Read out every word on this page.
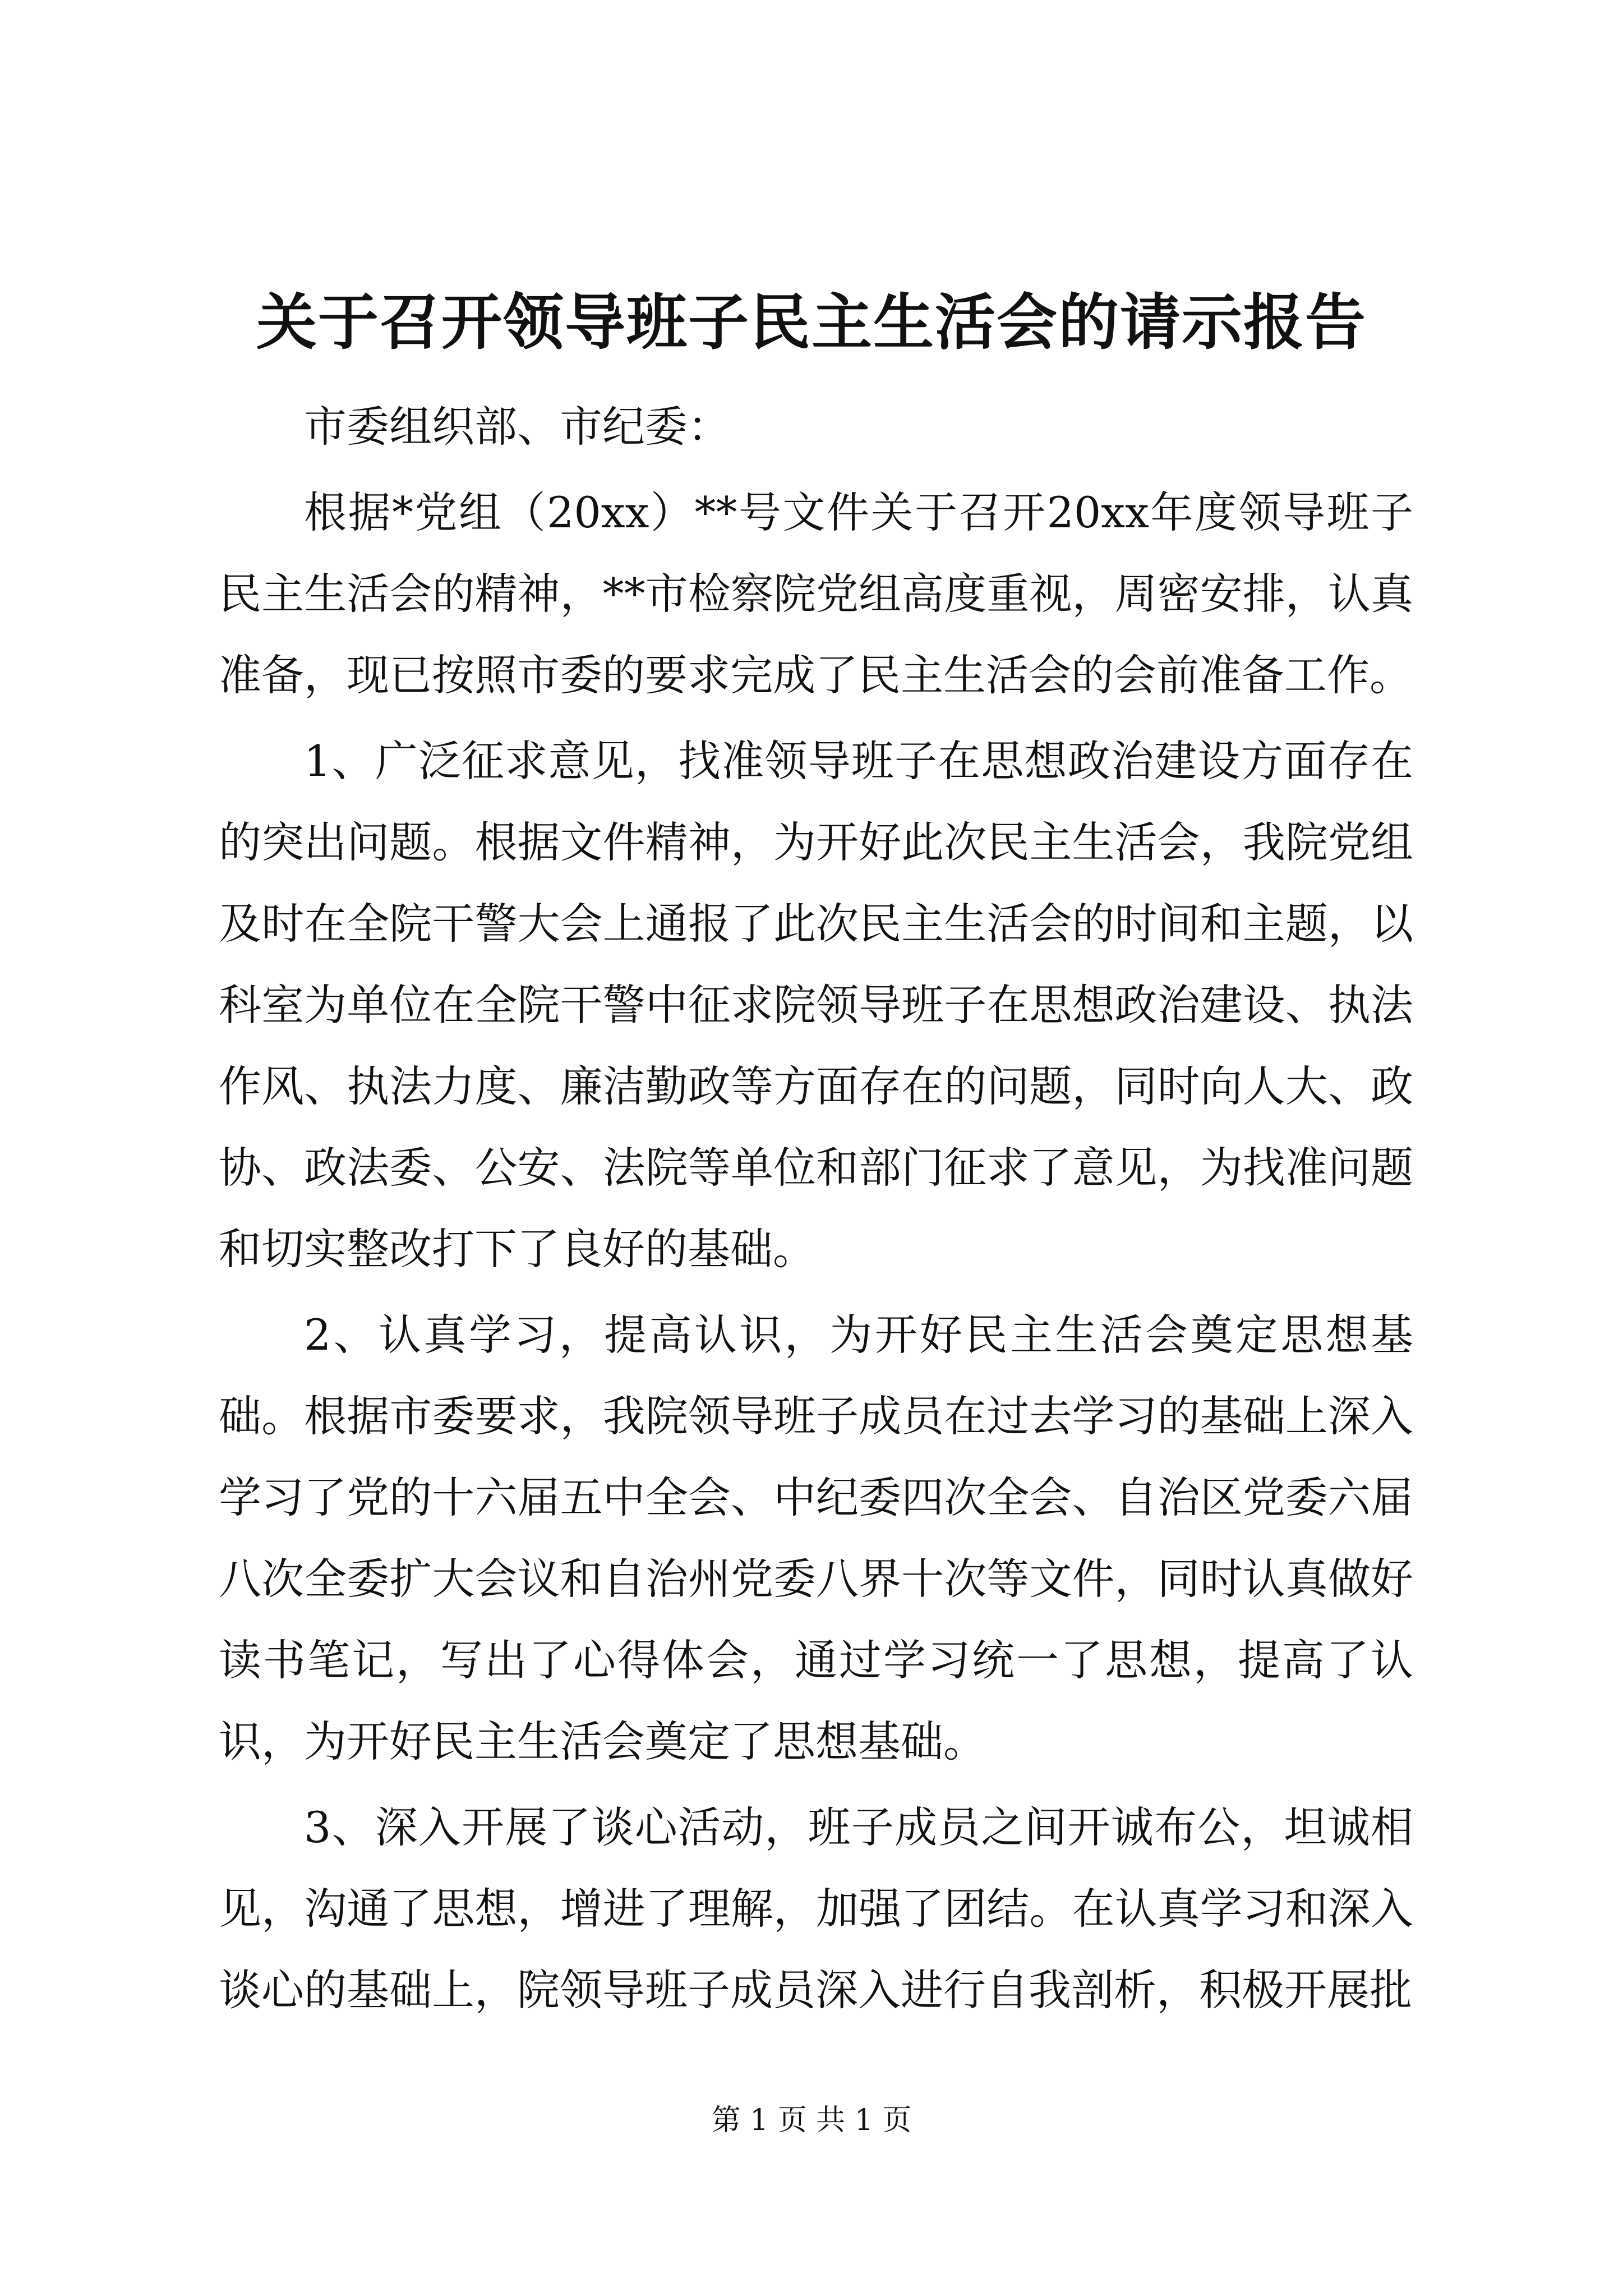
关于召开领导班子民主生活会的请示报告

市委组织部、市纪委：

根据*党组（20xx）**号文件关于召开20xx年度领导班子民主生活会的精神，**市检察院党组高度重视，周密安排，认真准备，现已按照市委的要求完成了民主生活会的会前准备工作。

1、广泛征求意见，找准领导班子在思想政治建设方面存在的突出问题。根据文件精神，为开好此次民主生活会，我院党组及时在全院干警大会上通报了此次民主生活会的时间和主题，以科室为单位在全院干警中征求院领导班子在思想政治建设、执法作风、执法力度、廉洁勤政等方面存在的问题，同时向人大、政协、政法委、公安、法院等单位和部门征求了意见，为找准问题和切实整改打下了良好的基础。

2、认真学习，提高认识，为开好民主生活会奠定思想基础。根据市委要求，我院领导班子成员在过去学习的基础上深入学习了党的十六届五中全会、中纪委四次全会、自治区党委六届八次全委扩大会议和自治州党委八界十次等文件，同时认真做好读书笔记，写出了心得体会，通过学习统一了思想，提高了认识，为开好民主生活会奠定了思想基础。

3、深入开展了谈心活动，班子成员之间开诚布公，坦诚相见，沟通了思想，增进了理解，加强了团结。在认真学习和深入谈心的基础上，院领导班子成员深入进行自我剖析，积极开展批

第 1 页 共 1 页
